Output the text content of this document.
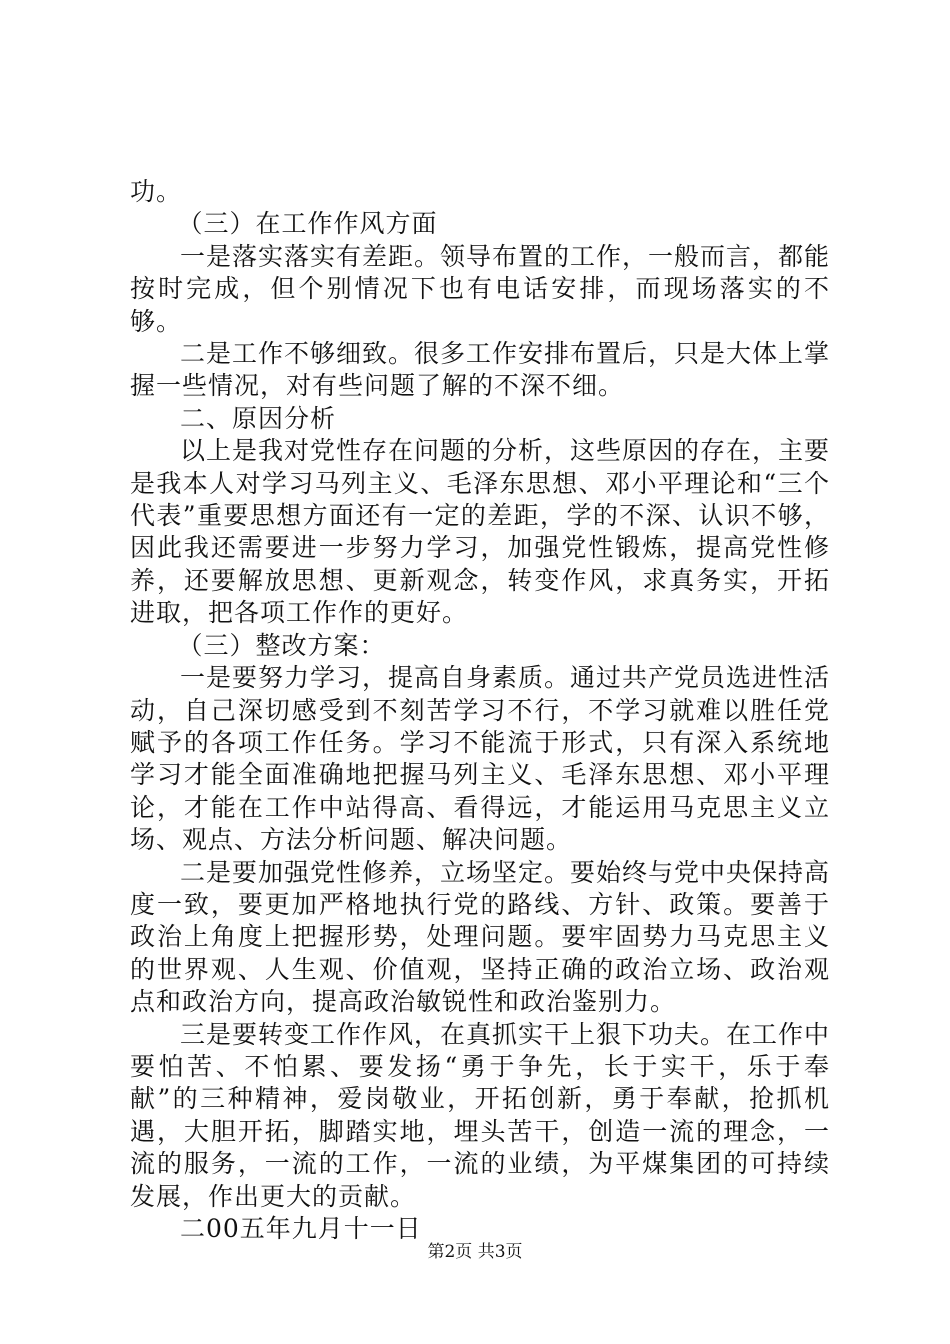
功。

（三）在工作作风方面

一是落实落实有差距。领导布置的工作，一般而言，都能按时完成，但个别情况下也有电话安排，而现场落实的不够。

二是工作不够细致。很多工作安排布置后，只是大体上掌握一些情况，对有些问题了解的不深不细。

二、原因分析

以上是我对党性存在问题的分析，这些原因的存在，主要是我本人对学习马列主义、毛泽东思想、邓小平理论和“三个代表”重要思想方面还有一定的差距，学的不深、认识不够，因此我还需要进一步努力学习，加强党性锻炼，提高党性修养，还要解放思想、更新观念，转变作风，求真务实，开拓进取，把各项工作作的更好。

（三）整改方案：

一是要努力学习，提高自身素质。通过共产党员选进性活动，自己深切感受到不刻苦学习不行，不学习就难以胜任党赋予的各项工作任务。学习不能流于形式，只有深入系统地学习才能全面准确地把握马列主义、毛泽东思想、邓小平理论，才能在工作中站得高、看得远，才能运用马克思主义立场、观点、方法分析问题、解决问题。

二是要加强党性修养，立场坚定。要始终与党中央保持高度一致，要更加严格地执行党的路线、方针、政策。要善于政治上角度上把握形势，处理问题。要牢固势力马克思主义的世界观、人生观、价值观，坚持正确的政治立场、政治观点和政治方向，提高政治敏锐性和政治鉴别力。

三是要转变工作作风，在真抓实干上狠下功夫。在工作中要怕苦、不怕累、要发扬“勇于争先，长于实干，乐于奉献”的三种精神，爱岗敬业，开拓创新，勇于奉献，抢抓机遇，大胆开拓，脚踏实地，埋头苦干，创造一流的理念，一流的服务，一流的工作，一流的业绩，为平煤集团的可持续发展，作出更大的贡献。

二00五年九月十一日

第2页 共3页
